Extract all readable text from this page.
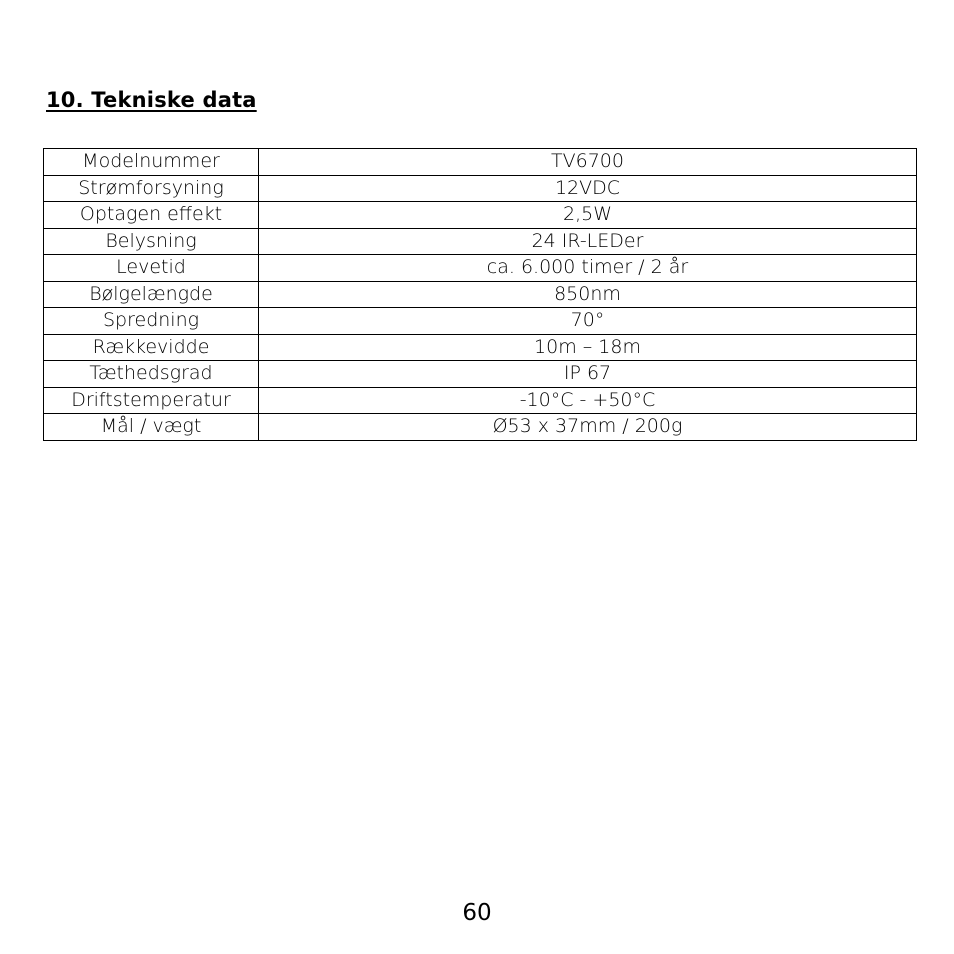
10. Tekniske data
Modelnummer	TV6700
Strømforsyning	12VDC
Optagen effekt	2,5W
Belysning	24 IR-LEDer
Levetid	ca. 6.000 timer / 2 år
Bølgelængde	850nm
Spredning	70°
Rækkevidde	10m – 18m
Tæthedsgrad	IP 67
Driftstemperatur	-10°C - +50°C
Mål / vægt	Ø53 x 37mm / 200g
60
